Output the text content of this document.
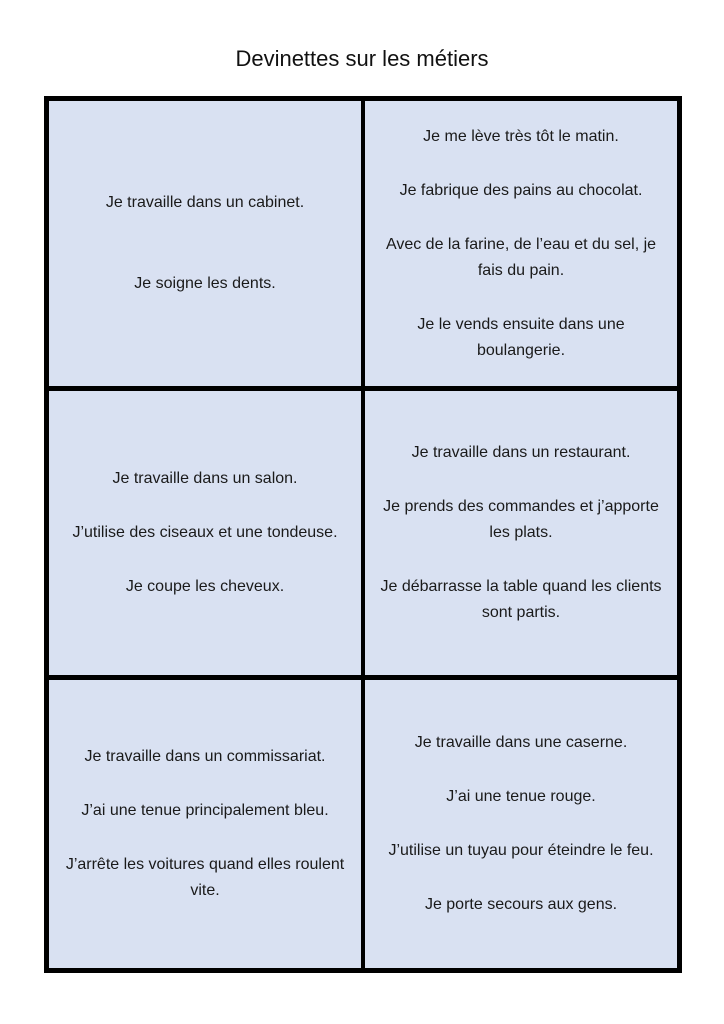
Devinettes sur les métiers

Je travaille dans un cabinet.

Je soigne les dents.

Je me lève très tôt le matin.

Je fabrique des pains au chocolat.

Avec de la farine, de l’eau et du sel, je fais du pain.

Je le vends ensuite dans une boulangerie.

Je travaille dans un salon.

J’utilise des ciseaux et une tondeuse.

Je coupe les cheveux.

Je travaille dans un restaurant.

Je prends des commandes et j’apporte les plats.

Je débarrasse la table quand les clients sont partis.

Je travaille dans un commissariat.

J’ai une tenue principalement bleu.

J’arrête les voitures quand elles roulent vite.

Je travaille dans une caserne.

J’ai une tenue rouge.

J’utilise un tuyau pour éteindre le feu.

Je porte secours aux gens.
